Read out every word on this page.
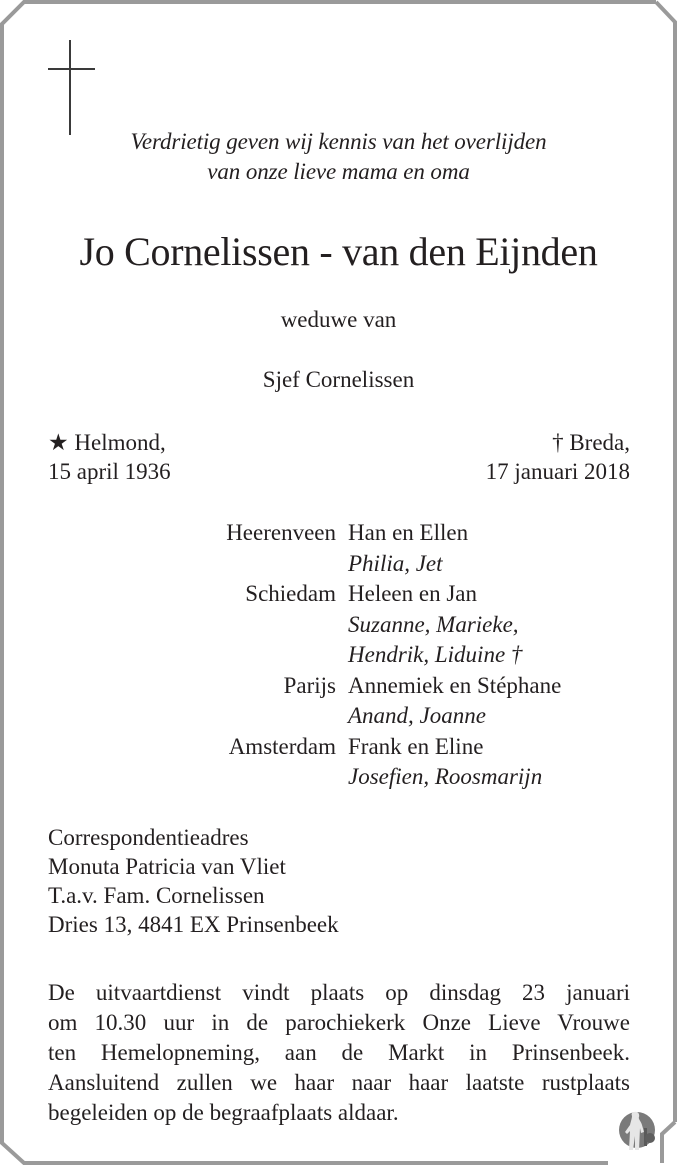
Verdrietig geven wij kennis van het overlijden
van onze lieve mama en oma
Jo Cornelissen - van den Eijnden
weduwe van
Sjef Cornelissen
★ Helmond,
15 april 1936
† Breda,
17 januari 2018
Heerenveen Han en Ellen
Philia, Jet
Schiedam Heleen en Jan
Suzanne, Marieke,
Hendrik, Liduine †
Parijs Annemiek en Stéphane
Anand, Joanne
Amsterdam Frank en Eline
Josefien, Roosmarijn
Correspondentieadres
Monuta Patricia van Vliet
T.a.v. Fam. Cornelissen
Dries 13, 4841 EX Prinsenbeek
De uitvaartdienst vindt plaats op dinsdag 23 januari
om 10.30 uur in de parochiekerk Onze Lieve Vrouwe
ten Hemelopneming, aan de Markt in Prinsenbeek.
Aansluitend zullen we haar naar haar laatste rustplaats
begeleiden op de begraafplaats aldaar.
